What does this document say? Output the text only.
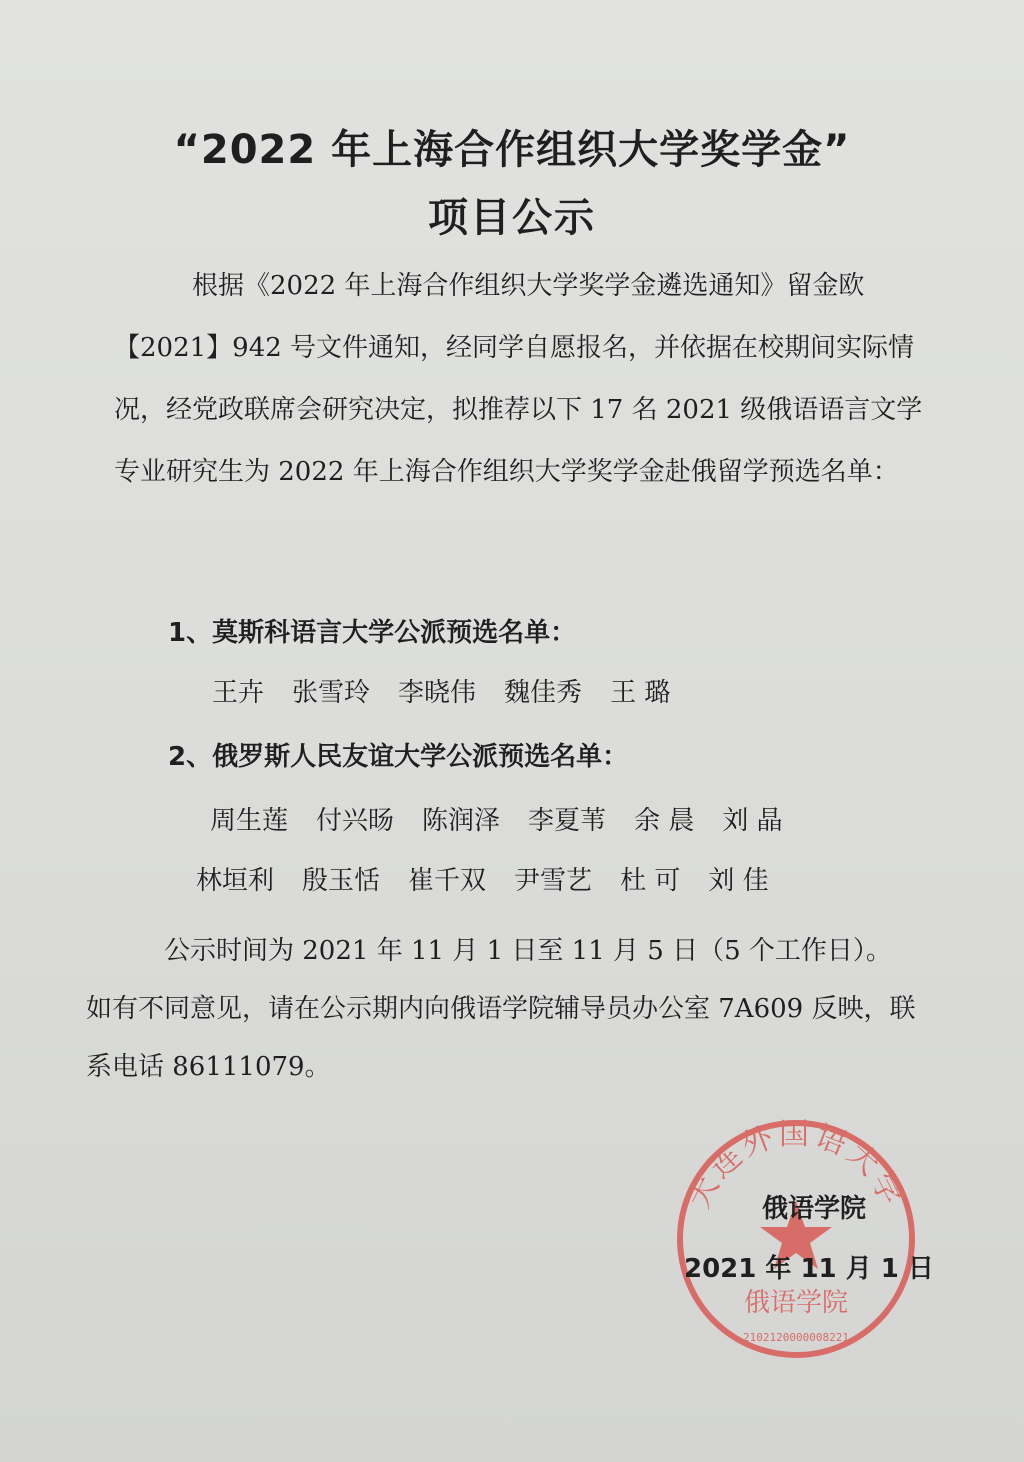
“2022 年上海合作组织大学奖学金”
项目公示
根据《2022 年上海合作组织大学奖学金遴选通知》留金欧【2021】942 号文件通知，经同学自愿报名，并依据在校期间实际情况，经党政联席会研究决定，拟推荐以下 17 名 2021 级俄语语言文学专业研究生为 2022 年上海合作组织大学奖学金赴俄留学预选名单：
1、莫斯科语言大学公派预选名单：
王卉 张雪玲 李晓伟 魏佳秀 王 璐
2、俄罗斯人民友谊大学公派预选名单：
周生莲 付兴旸 陈润泽 李夏苇 余 晨 刘 晶
林垣利 殷玉恬 崔千双 尹雪艺 杜 可 刘 佳
公示时间为 2021 年 11 月 1 日至 11 月 5 日（5 个工作日）。如有不同意见，请在公示期内向俄语学院辅导员办公室 7A609 反映，联系电话 86111079。
大连外国语大学
俄语学院
2102120000008221
俄语学院
2021 年 11 月 1 日
